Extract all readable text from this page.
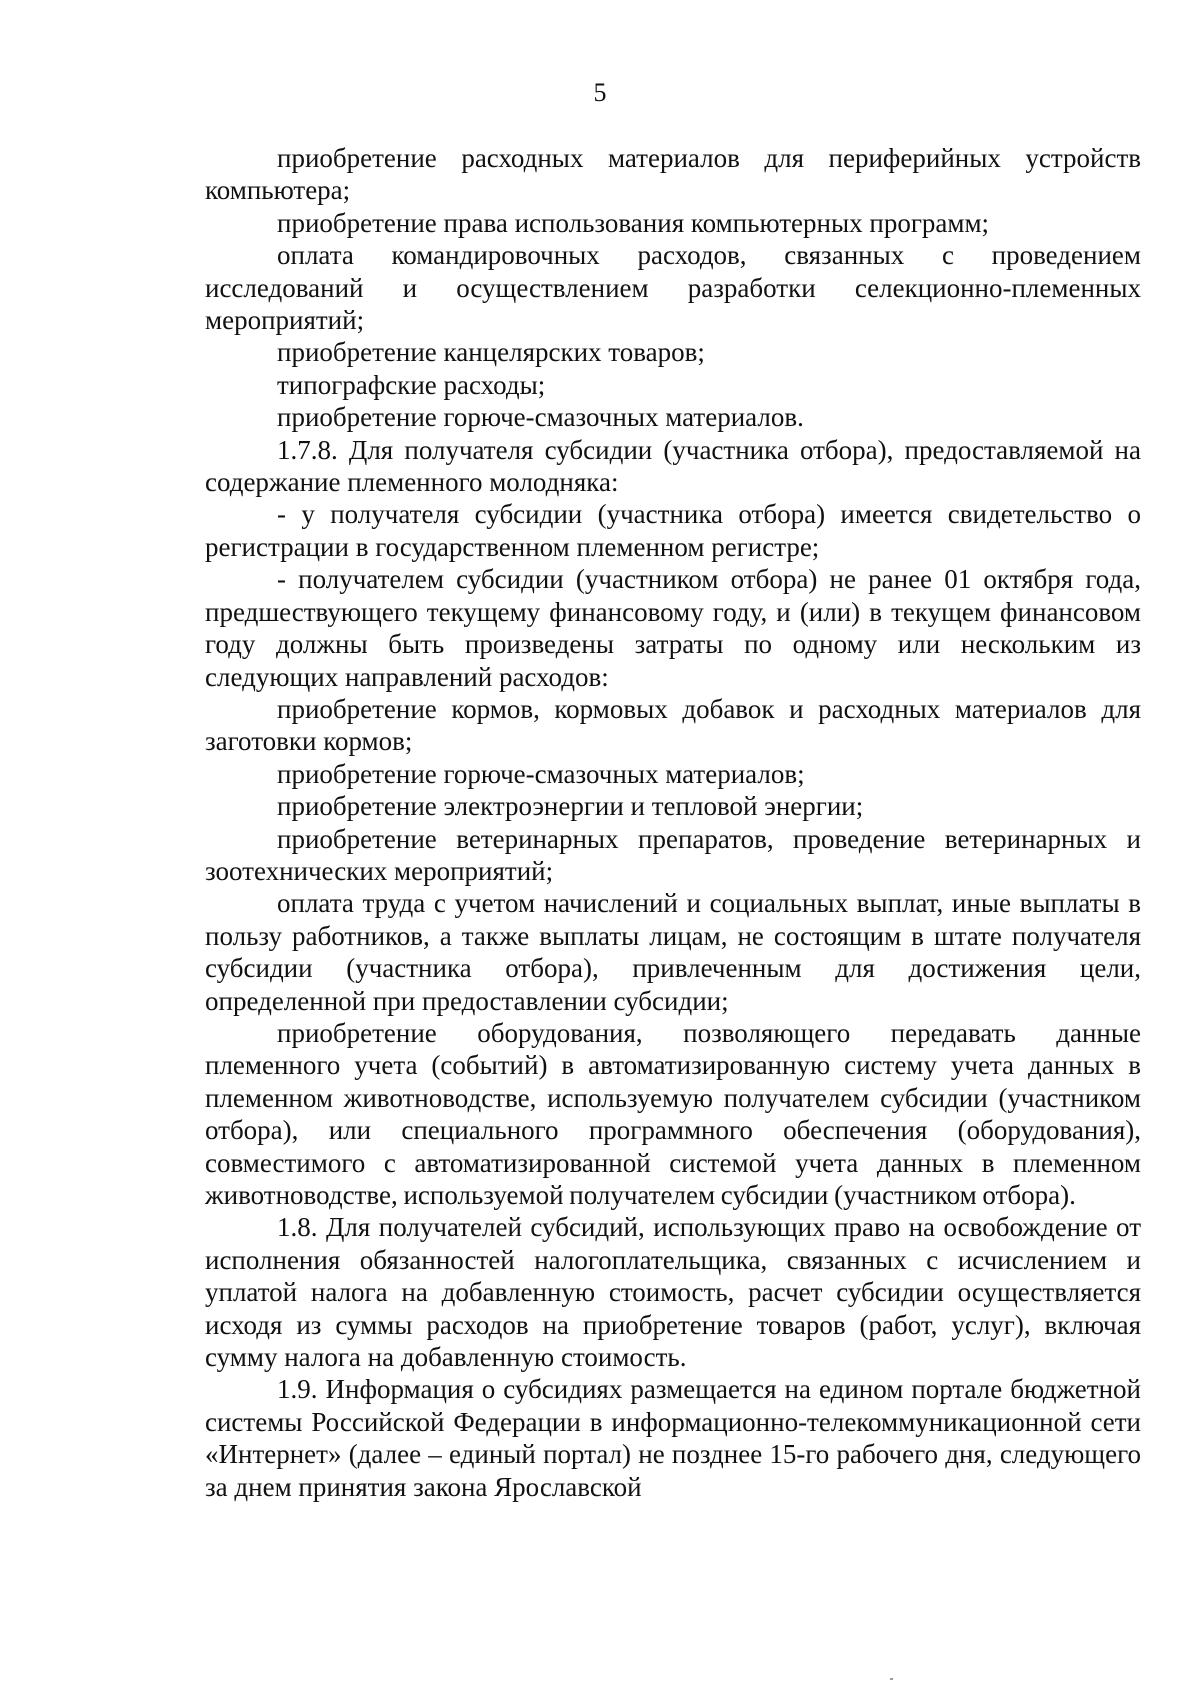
5

приобретение расходных материалов для периферийных устройств компьютера;

приобретение права использования компьютерных программ;

оплата командировочных расходов, связанных с проведением исследований и осуществлением разработки селекционно-племенных мероприятий;

приобретение канцелярских товаров;

типографские расходы;

приобретение горюче-смазочных материалов.

1.7.8. Для получателя субсидии (участника отбора), предоставляемой на содержание племенного молодняка:

- у получателя субсидии (участника отбора) имеется свидетельство о регистрации в государственном племенном регистре;

- получателем субсидии (участником отбора) не ранее 01 октября года, предшествующего текущему финансовому году, и (или) в текущем финансовом году должны быть произведены затраты по одному или нескольким из следующих направлений расходов:

приобретение кормов, кормовых добавок и расходных материалов для заготовки кормов;

приобретение горюче-смазочных материалов;

приобретение электроэнергии и тепловой энергии;

приобретение ветеринарных препаратов, проведение ветеринарных и зоотехнических мероприятий;

оплата труда с учетом начислений и социальных выплат, иные выплаты в пользу работников, а также выплаты лицам, не состоящим в штате получателя субсидии (участника отбора), привлеченным для достижения цели, определенной при предоставлении субсидии;

приобретение оборудования, позволяющего передавать данные племенного учета (событий) в автоматизированную систему учета данных в племенном животноводстве, используемую получателем субсидии (участником отбора), или специального программного обеспечения (оборудования), совместимого с автоматизированной системой учета данных в племенном животноводстве, используемой получателем субсидии (участником отбора).

1.8. Для получателей субсидий, использующих право на освобождение от исполнения обязанностей налогоплательщика, связанных с исчислением и уплатой налога на добавленную стоимость, расчет субсидии осуществляется исходя из суммы расходов на приобретение товаров (работ, услуг), включая сумму налога на добавленную стоимость.

1.9. Информация о субсидиях размещается на едином портале бюджетной системы Российской Федерации в информационно-телекоммуникационной сети «Интернет» (далее – единый портал) не позднее 15-го рабочего дня, следующего за днем принятия закона Ярославской
